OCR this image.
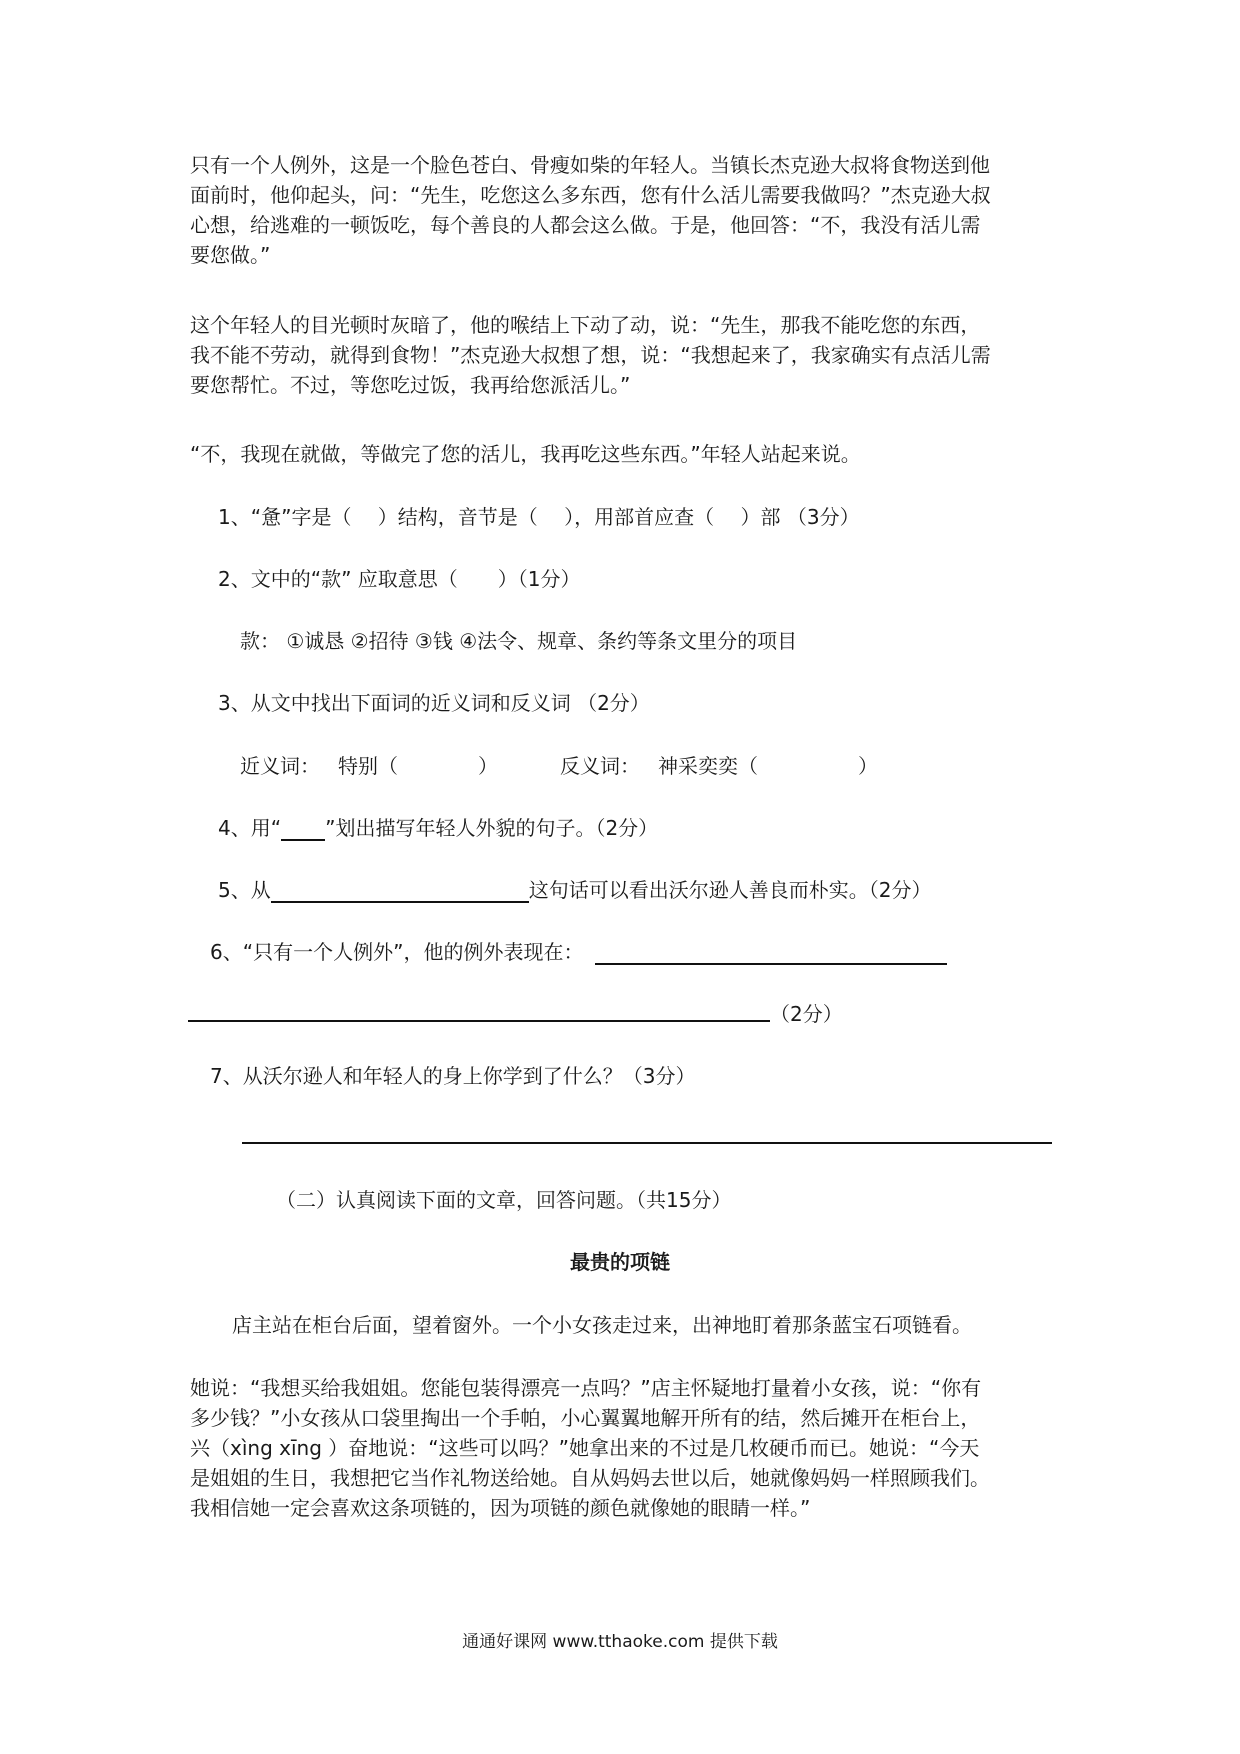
只有一个人例外，这是一个脸色苍白、骨瘦如柴的年轻人。当镇长杰克逊大叔将食物送到他
面前时，他仰起头，问：“先生，吃您这么多东西，您有什么活儿需要我做吗？”杰克逊大叔
心想，给逃难的一顿饭吃，每个善良的人都会这么做。于是，他回答：“不，我没有活儿需
要您做。”
这个年轻人的目光顿时灰暗了，他的喉结上下动了动，说：“先生，那我不能吃您的东西，
我不能不劳动，就得到食物！”杰克逊大叔想了想，说：“我想起来了，我家确实有点活儿需
要您帮忙。不过，等您吃过饭，我再给您派活儿。”
“不，我现在就做，等做完了您的活儿，我再吃这些东西。”年轻人站起来说。
1、“惫”字是（　 ）结构，音节是（　 ），用部首应查（　 ）部 （3分）
2、文中的“款” 应取意思（　　）（1分）
款： ①诚恳 ②招待 ③钱 ④法令、规章、条约等条文里分的项目
3、从文中找出下面词的近义词和反义词 （2分）
近义词： 特别（　　　　）	反义词： 神采奕奕（　　　　　）
4、用“ ”划出描写年轻人外貌的句子。（2分）
5、从	这句话可以看出沃尔逊人善良而朴实。（2分）
6、“只有一个人例外”，他的例外表现在：
（2分）
7、从沃尔逊人和年轻人的身上你学到了什么？（3分）
（二）认真阅读下面的文章，回答问题。（共15分）
最贵的项链
店主站在柜台后面，望着窗外。一个小女孩走过来，出神地盯着那条蓝宝石项链看。
她说：“我想买给我姐姐。您能包装得漂亮一点吗？”店主怀疑地打量着小女孩，说：“你有
多少钱？”小女孩从口袋里掏出一个手帕，小心翼翼地解开所有的结，然后摊开在柜台上，
兴（xìng xīng ）奋地说：“这些可以吗？”她拿出来的不过是几枚硬币而已。她说：“今天
是姐姐的生日，我想把它当作礼物送给她。自从妈妈去世以后，她就像妈妈一样照顾我们。
我相信她一定会喜欢这条项链的，因为项链的颜色就像她的眼睛一样。”
通通好课网 www.tthaoke.com 提供下载
